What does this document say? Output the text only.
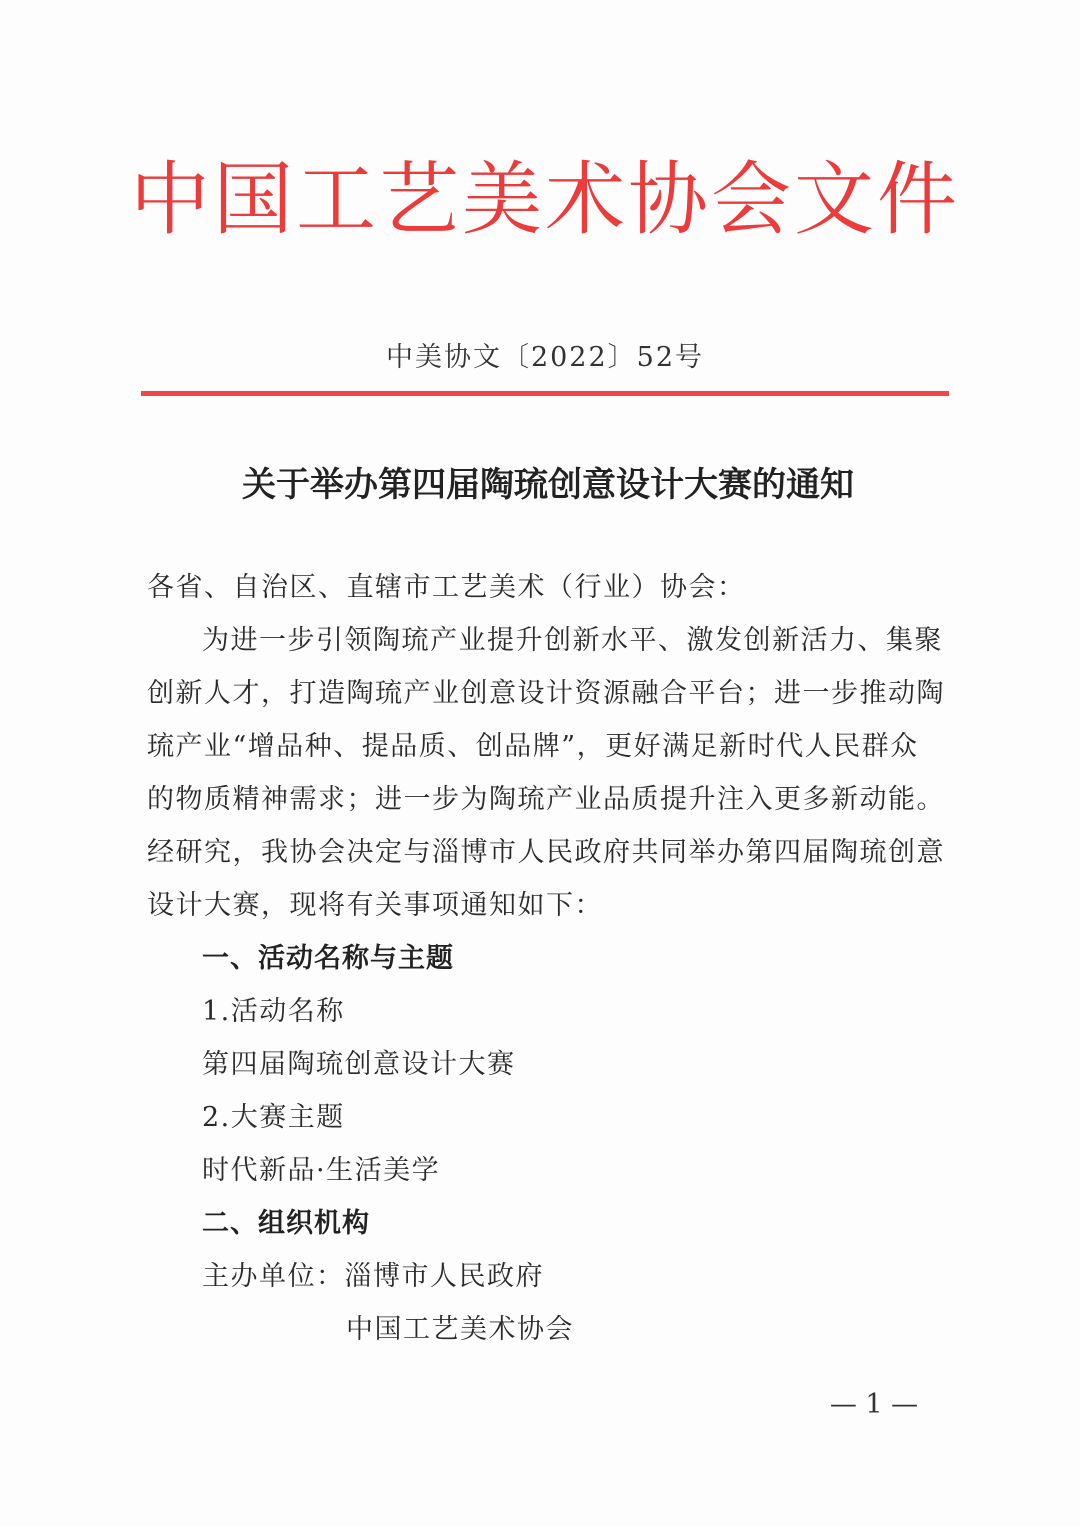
中国工艺美术协会文件
中美协文〔2022〕52号
关于举办第四届陶琉创意设计大赛的通知
各省、自治区、直辖市工艺美术（行业）协会：
为进一步引领陶琉产业提升创新水平、激发创新活力、集聚
创新人才，打造陶琉产业创意设计资源融合平台；进一步推动陶
琉产业“增品种、提品质、创品牌”，更好满足新时代人民群众
的物质精神需求；进一步为陶琉产业品质提升注入更多新动能。
经研究，我协会决定与淄博市人民政府共同举办第四届陶琉创意
设计大赛，现将有关事项通知如下：
一、活动名称与主题
1.活动名称
第四届陶琉创意设计大赛
2.大赛主题
时代新品·生活美学
二、组织机构
主办单位：淄博市人民政府
中国工艺美术协会
— 1 —
